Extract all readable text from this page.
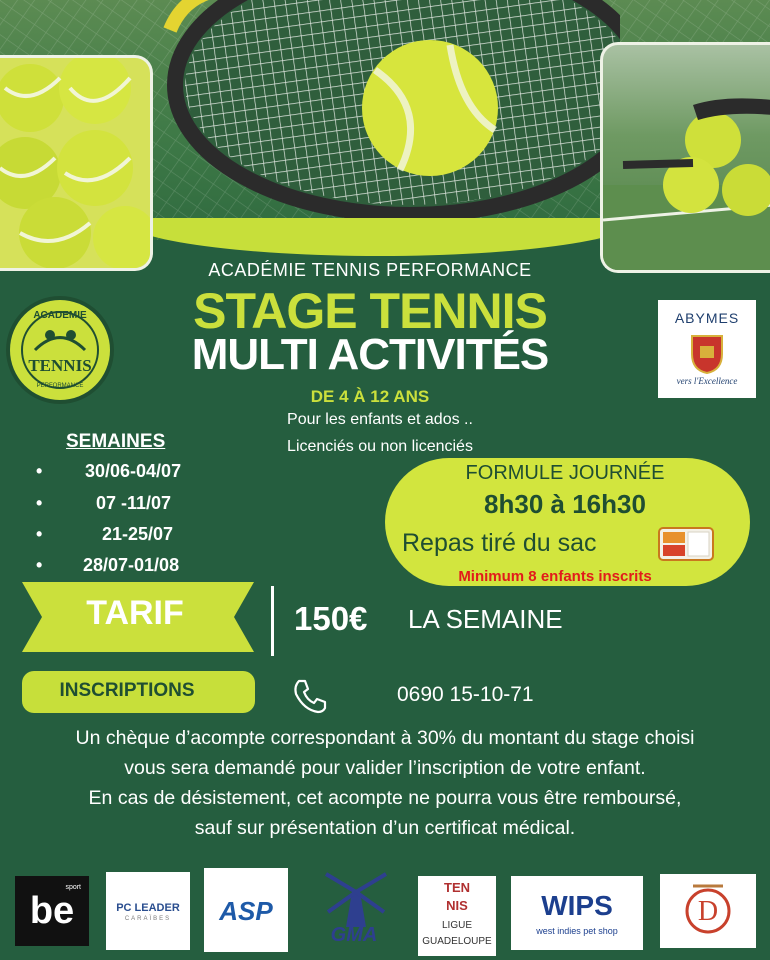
ACADEMIE
TENNIS
PERFORMANCE
ABYMES
vers l'Excellence
ACADÉMIE TENNIS PERFORMANCE
STAGE TENNIS
MULTI ACTIVITÉS
DE 4 À 12 ANS
Pour les enfants et ados ..
Licenciés ou non licenciés
SEMAINES
• 30/06-04/07
•	07 -11/07
•	21-25/07
• 28/07-01/08
FORMULE JOURNÉE
8h30 à 16h30
Repas tiré du sac
Minimum 8 enfants inscrits
TARIF	150€ LA SEMAINE
INSCRIPTIONS	0690 15-10-71
Un chèque d’acompte correspondant à 30% du montant du stage choisi
vous sera demandé pour valider l’inscription de votre enfant.
En cas de désistement, cet acompte ne pourra vous être remboursé,
sauf sur présentation d’un certificat médical.
be
sport
PC LEADER
CARAÏBES	ASP
GMA
TEN
NIS
LIGUE
GUADELOUPE
WIPS
west indies pet shop
D
